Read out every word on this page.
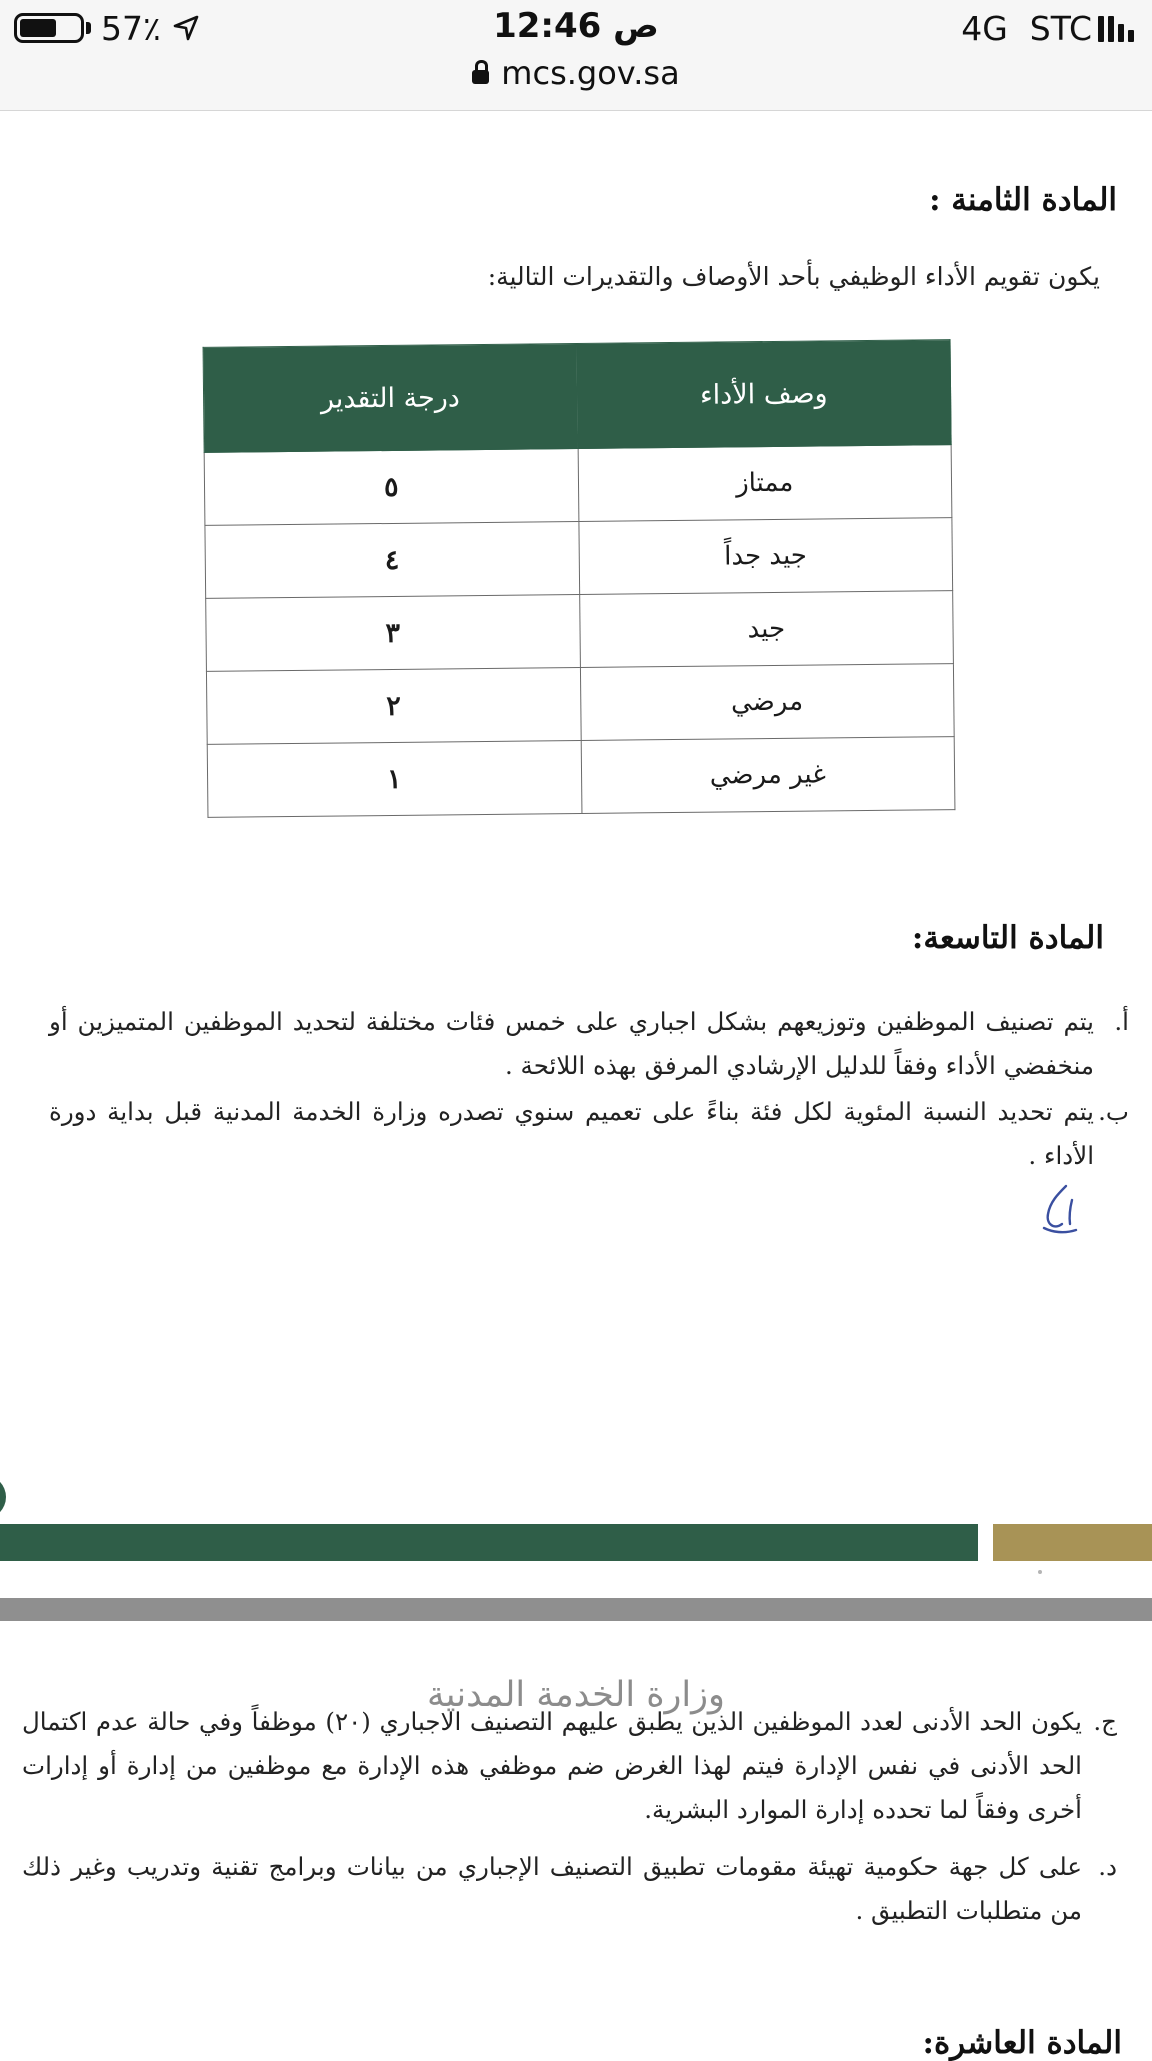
57٪	12:46 ص	4G STC
mcs.gov.sa
المادة الثامنة :
يكون تقويم الأداء الوظيفي بأحد الأوصاف والتقديرات التالية:
وصف الأداء	درجة التقدير
ممتاز	٥
جيد جداً	٤
جيد	٣
مرضي	٢
غير مرضي	١
المادة التاسعة:
أ.
يتم تصنيف الموظفين وتوزيعهم بشكل اجباري على خمس فئات مختلفة لتحديد الموظفين المتميزين أو منخفضي الأداء وفقاً للدليل الإرشادي المرفق بهذه اللائحة .
ب.
يتم تحديد النسبة المئوية لكل فئة بناءً على تعميم سنوي تصدره وزارة الخدمة المدنية قبل بداية دورة الأداء .
وزارة الخدمة المدنية
ج.
يكون الحد الأدنى لعدد الموظفين الذين يطبق عليهم التصنيف الاجباري (٢٠) موظفاً وفي حالة عدم اكتمال الحد الأدنى في نفس الإدارة فيتم لهذا الغرض ضم موظفي هذه الإدارة مع موظفين من إدارة أو إدارات أخرى وفقاً لما تحدده إدارة الموارد البشرية.
د.
على كل جهة حكومية تهيئة مقومات تطبيق التصنيف الإجباري من بيانات وبرامج تقنية وتدريب وغير ذلك من متطلبات التطبيق .
المادة العاشرة:
